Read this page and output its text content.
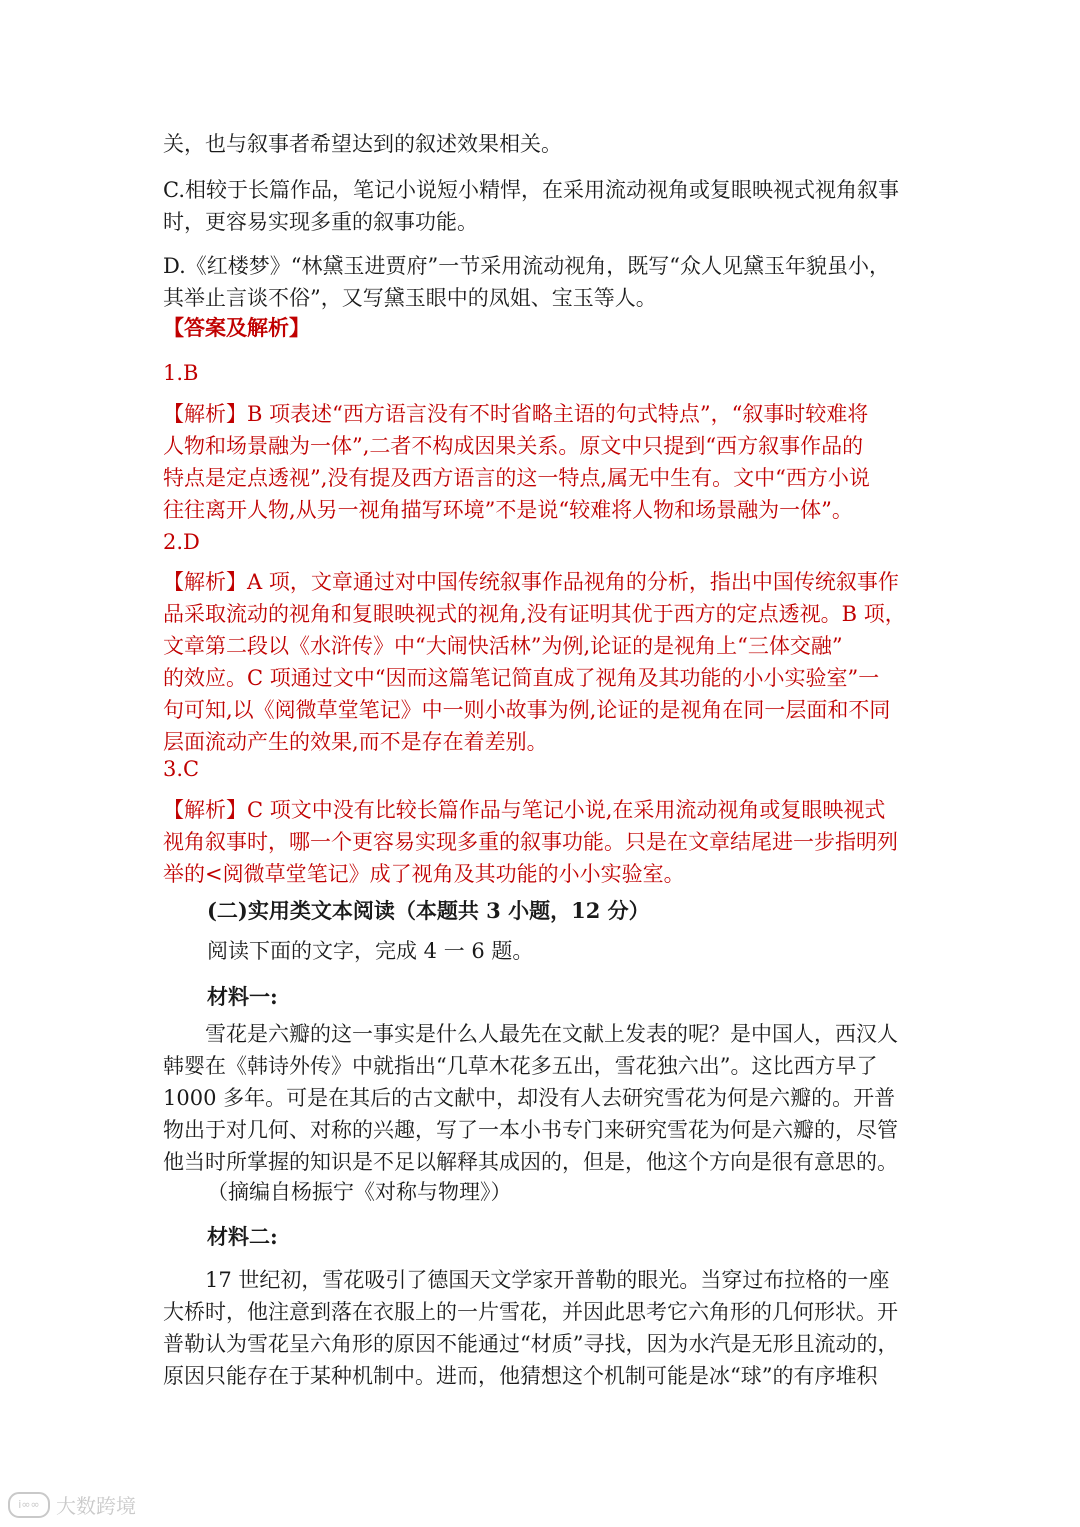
关，也与叙事者希望达到的叙述效果相关。
C.相较于长篇作品，笔记小说短小精悍，在采用流动视角或复眼映视式视角叙事
时，更容易实现多重的叙事功能。
D.《红楼梦》“林黛玉进贾府”一节采用流动视角，既写“众人见黛玉年貌虽小，
其举止言谈不俗”，又写黛玉眼中的凤姐、宝玉等人。
【答案及解析】
1.B
【解析】B 项表述“西方语言没有不时省略主语的句式特点”，“叙事时较难将
人物和场景融为一体”,二者不构成因果关系。原文中只提到“西方叙事作品的
特点是定点透视”,没有提及西方语言的这一特点,属无中生有。文中“西方小说
往往离开人物,从另一视角描写环境”不是说“较难将人物和场景融为一体”。
2.D
【解析】A 项，文章通过对中国传统叙事作品视角的分析，指出中国传统叙事作
品采取流动的视角和复眼映视式的视角,没有证明其优于西方的定点透视。B 项，
文章第二段以《水浒传》中“大闹快活林”为例,论证的是视角上“三体交融”
的效应。C 项通过文中“因而这篇笔记简直成了视角及其功能的小小实验室”一
句可知,以《阅微草堂笔记》中一则小故事为例,论证的是视角在同一层面和不同
层面流动产生的效果,而不是存在着差别。
3.C
【解析】C 项文中没有比较长篇作品与笔记小说,在采用流动视角或复眼映视式
视角叙事时，哪一个更容易实现多重的叙事功能。只是在文章结尾进一步指明列
举的<阅微草堂笔记》成了视角及其功能的小小实验室。
(二)实用类文本阅读（本题共 3 小题，12 分）
阅读下面的文字，完成 4 一 6 题。
材料一:
雪花是六瓣的这一事实是什么人最先在文献上发表的呢？是中国人，西汉人
韩婴在《韩诗外传》中就指出“几草木花多五出，雪花独六出”。这比西方早了
1000 多年。可是在其后的古文献中，却没有人去研究雪花为何是六瓣的。开普
物出于对几何、对称的兴趣，写了一本小书专门来研究雪花为何是六瓣的，尽管
他当时所掌握的知识是不足以解释其成因的，但是，他这个方向是很有意思的。
（摘编自杨振宁《对称与物理》）
材料二:
17 世纪初，雪花吸引了德国天文学家开普勒的眼光。当穿过布拉格的一座
大桥时，他注意到落在衣服上的一片雪花，并因此思考它六角形的几何形状。开
普勒认为雪花呈六角形的原因不能通过“材质”寻找，因为水汽是无形且流动的，
原因只能存在于某种机制中。进而，他猜想这个机制可能是冰“球”的有序堆积
i∞∞ 大数跨境
